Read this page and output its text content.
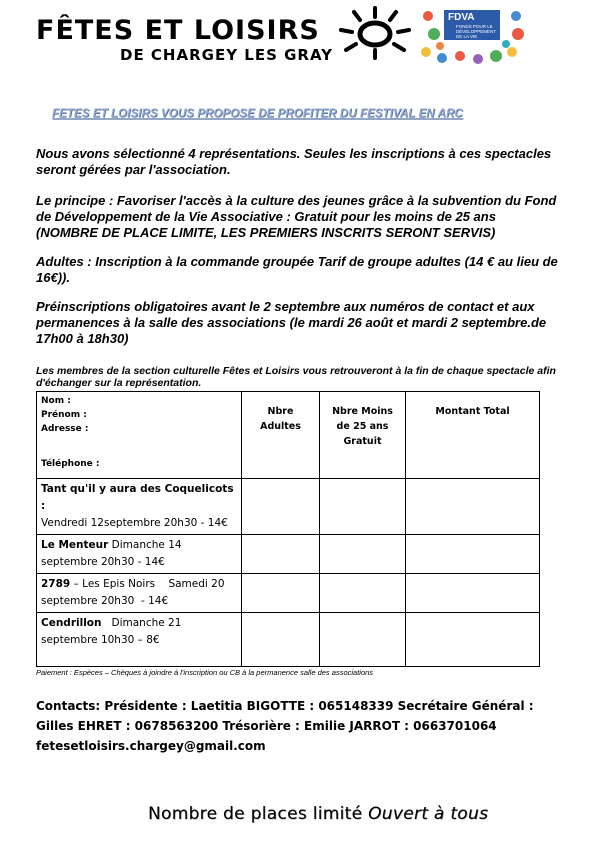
FÊTES ET LOISIRS
DE CHARGEY LES GRAY
FDVA
FONDS POUR LE DÉVELOPPEMENT DE LA VIE ASSOCIATIVE
FETES ET LOISIRS VOUS PROPOSE DE PROFITER DU FESTIVAL EN ARC
Nous avons sélectionné 4 représentations. Seules les inscriptions à ces spectacles seront gérées par l'association.
Le principe : Favoriser l'accès à la culture des jeunes grâce à la subvention du Fond de Développement de la Vie Associative : Gratuit pour les moins de 25 ans (NOMBRE DE PLACE LIMITE, LES PREMIERS INSCRITS SERONT SERVIS)
Adultes : Inscription à la commande groupée Tarif de groupe adultes (14 € au lieu de 16€)).
Préinscriptions obligatoires avant le 2 septembre aux numéros de contact et aux permanences à la salle des associations (le mardi 26 août et mardi 2 septembre.de 17h00 à 18h30)
Les membres de la section culturelle Fêtes et Loisirs vous retrouveront à la fin de chaque spectacle afin d'échanger sur la représentation.
Nom :
Prénom :
Adresse :
Téléphone :	Nbre Adultes	Nbre Moins de 25 ans Gratuit	Montant Total
Tant qu'il y aura des Coquelicots :
Vendredi 12septembre 20h30 - 14€			
Le Menteur Dimanche 14 septembre 20h30 - 14€			
2789 – Les Epis Noirs    Samedi 20 septembre 20h30  - 14€			
Cendrillon Dimanche 21 septembre 10h30 – 8€			
Paiement : Espèces – Chèques à joindre à l'inscription ou CB à la permanence salle des associations
Contacts: Présidente : Laetitia BIGOTTE : 065148339 Secrétaire Général : Gilles EHRET : 0678563200 Trésorière : Emilie JARROT : 0663701064
fetesetloisirs.chargey@gmail.com
Nombre de places limité Ouvert à tous
